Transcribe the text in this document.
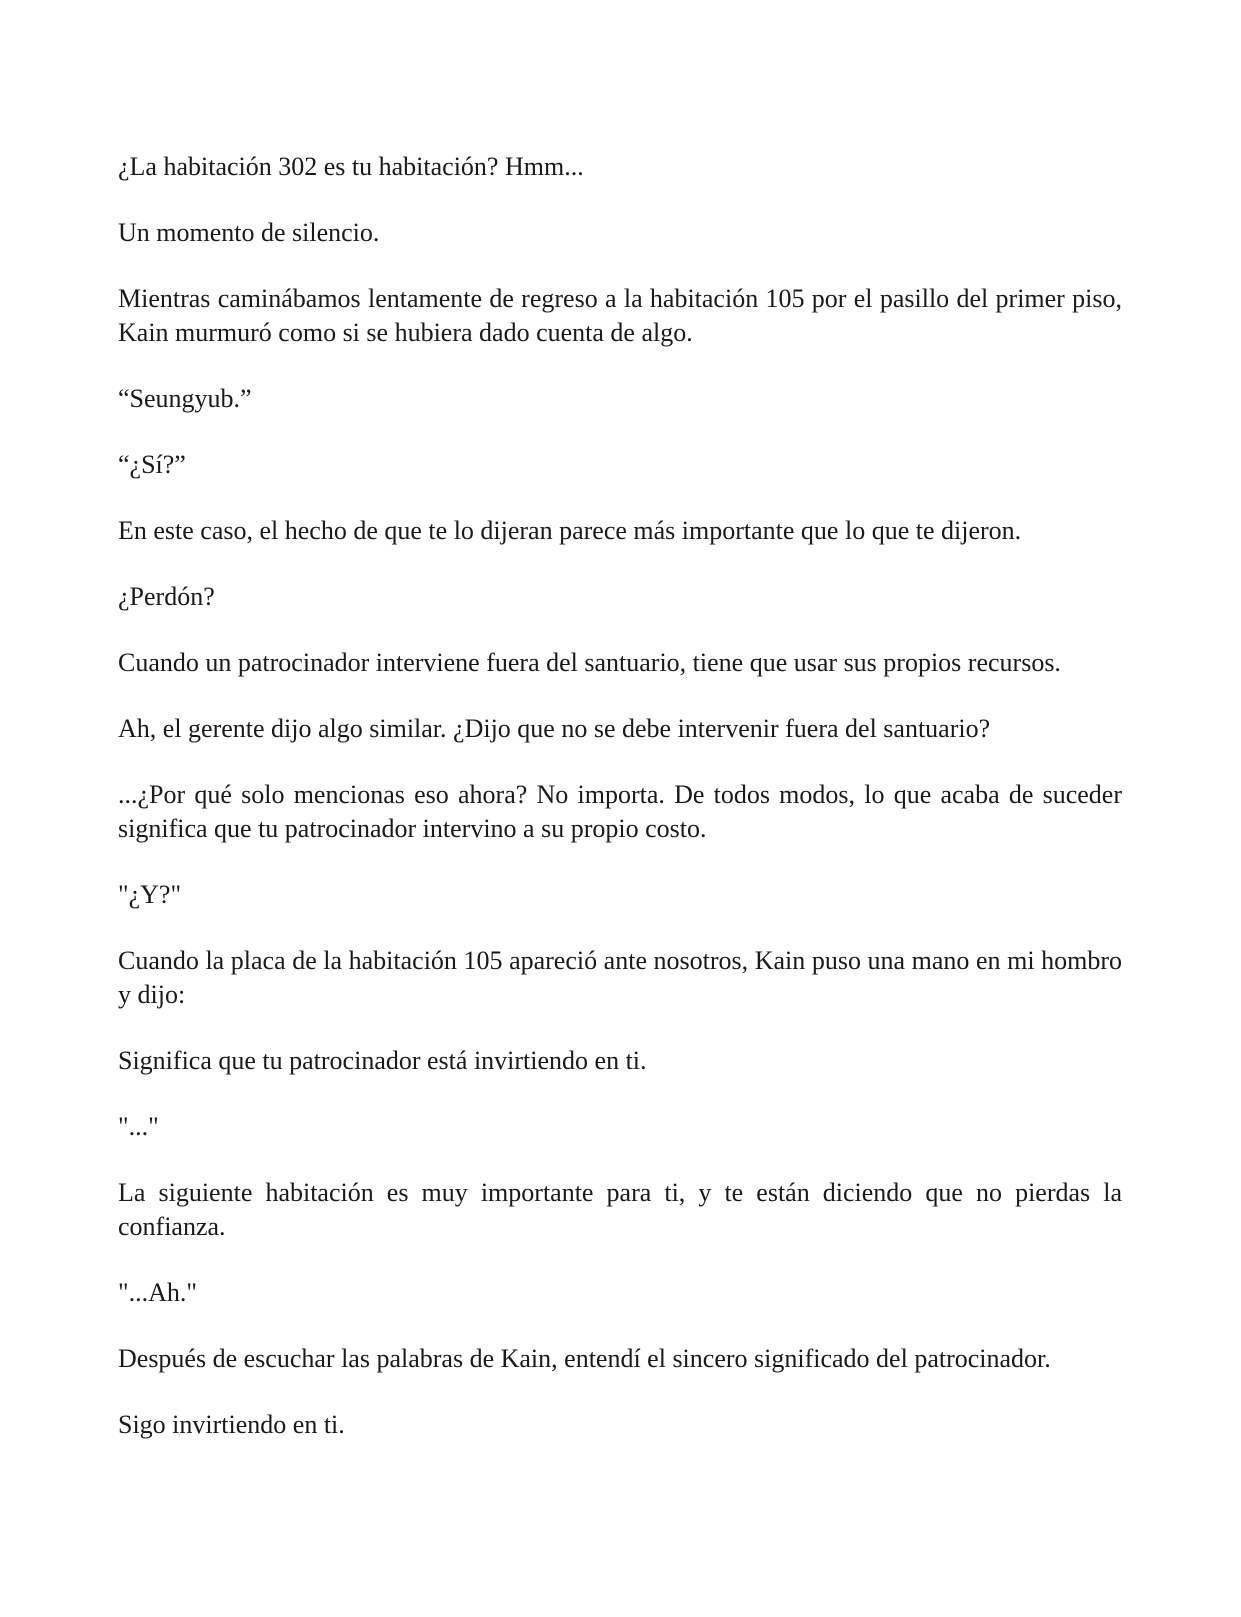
¿La habitación 302 es tu habitación? Hmm...

Un momento de silencio.

Mientras caminábamos lentamente de regreso a la habitación 105 por el pasillo del primer piso, Kain murmuró como si se hubiera dado cuenta de algo.

“Seungyub.”

“¿Sí?”

En este caso, el hecho de que te lo dijeran parece más importante que lo que te dijeron.

¿Perdón?

Cuando un patrocinador interviene fuera del santuario, tiene que usar sus propios recursos.

Ah, el gerente dijo algo similar. ¿Dijo que no se debe intervenir fuera del santuario?

...¿Por qué solo mencionas eso ahora? No importa. De todos modos, lo que acaba de suceder significa que tu patrocinador intervino a su propio costo.

"¿Y?"

Cuando la placa de la habitación 105 apareció ante nosotros, Kain puso una mano en mi hombro y dijo:

Significa que tu patrocinador está invirtiendo en ti.

"..."

La siguiente habitación es muy importante para ti, y te están diciendo que no pierdas la confianza.

"...Ah."

Después de escuchar las palabras de Kain, entendí el sincero significado del patrocinador.

Sigo invirtiendo en ti.
